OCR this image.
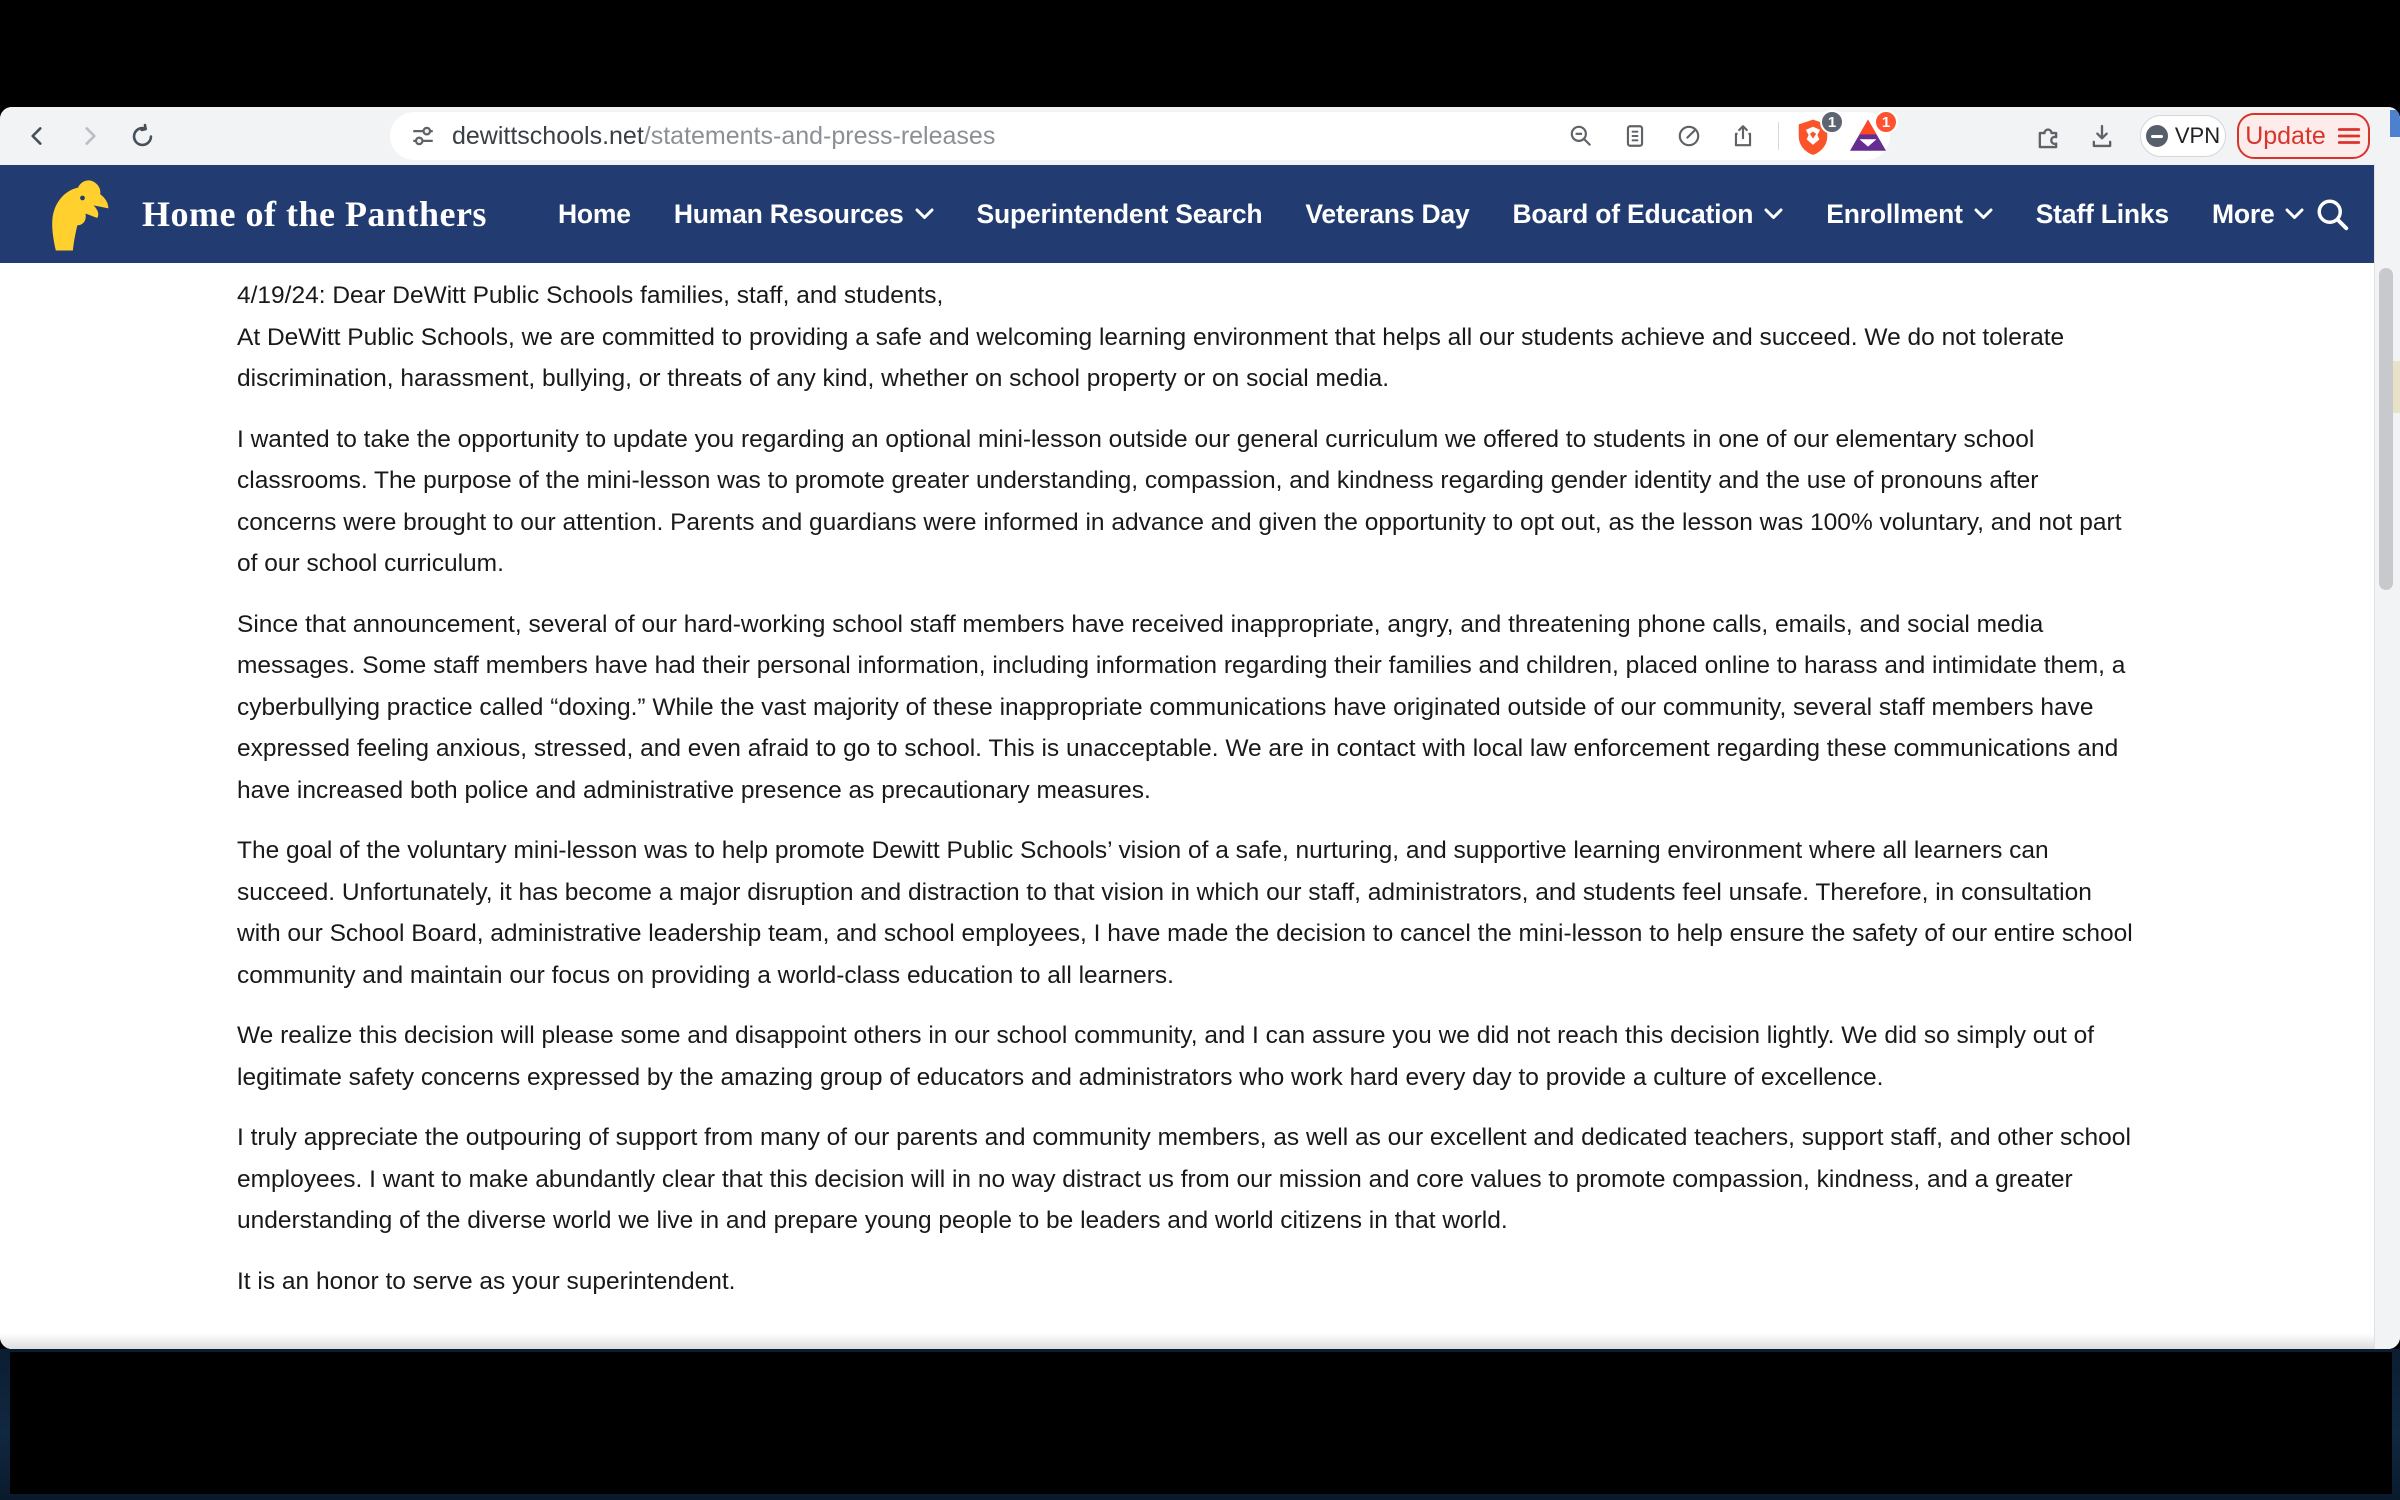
dewittschools.net /statements-and-press-releases	1	1
VPN Update
Home of the Panthers	Home Human Resources	Superintendent Search Veterans Day Board of Education	Enrollment	Staff Links More

4/19/24: Dear DeWitt Public Schools families, staff, and students,

At DeWitt Public Schools, we are committed to providing a safe and welcoming learning environment that helps all our students achieve and succeed. We do not tolerate discrimination, harassment, bullying, or threats of any kind, whether on school property or on social media.

I wanted to take the opportunity to update you regarding an optional mini-lesson outside our general curriculum we offered to students in one of our elementary school classrooms. The purpose of the mini-lesson was to promote greater understanding, compassion, and kindness regarding gender identity and the use of pronouns after concerns were brought to our attention. Parents and guardians were informed in advance and given the opportunity to opt out, as the lesson was 100% voluntary, and not part of our school curriculum.

Since that announcement, several of our hard-working school staff members have received inappropriate, angry, and threatening phone calls, emails, and social media messages. Some staff members have had their personal information, including information regarding their families and children, placed online to harass and intimidate them, a cyberbullying practice called “doxing.” While the vast majority of these inappropriate communications have originated outside of our community, several staff members have expressed feeling anxious, stressed, and even afraid to go to school. This is unacceptable. We are in contact with local law enforcement regarding these communications and have increased both police and administrative presence as precautionary measures.

The goal of the voluntary mini-lesson was to help promote Dewitt Public Schools’ vision of a safe, nurturing, and supportive learning environment where all learners can succeed. Unfortunately, it has become a major disruption and distraction to that vision in which our staff, administrators, and students feel unsafe. Therefore, in consultation with our School Board, administrative leadership team, and school employees, I have made the decision to cancel the mini-lesson to help ensure the safety of our entire school community and maintain our focus on providing a world-class education to all learners.

We realize this decision will please some and disappoint others in our school community, and I can assure you we did not reach this decision lightly. We did so simply out of legitimate safety concerns expressed by the amazing group of educators and administrators who work hard every day to provide a culture of excellence.

I truly appreciate the outpouring of support from many of our parents and community members, as well as our excellent and dedicated teachers, support staff, and other school employees. I want to make abundantly clear that this decision will in no way distract us from our mission and core values to promote compassion, kindness, and a greater understanding of the diverse world we live in and prepare young people to be leaders and world citizens in that world.

It is an honor to serve as your superintendent.
